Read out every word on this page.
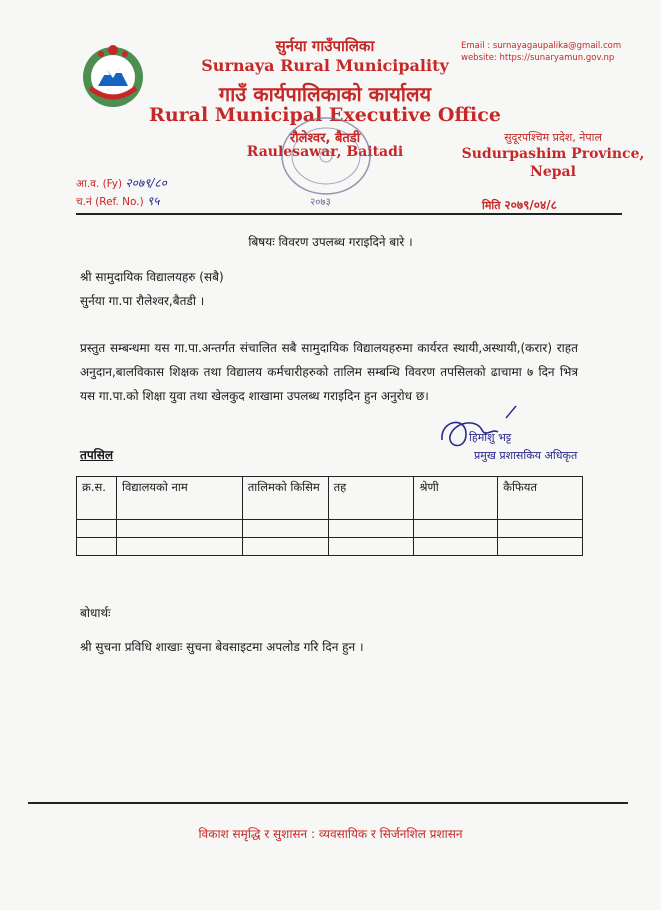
सुर्नया गाउँपालिका
Surnaya Rural Municipality
गाउँ कार्यपालिकाको कार्यालय
Rural Municipal Executive Office
रौलेश्वर, बैतडी
Raulesawar, Baitadi
Email : surnayagaupalika@gmail.com
website: https://sunaryamun.gov.np
सुदूरपश्चिम प्रदेश, नेपाल
Sudurpashim Province,
Nepal
२०७३
आ.व. (Fy) २०७९/८०
च.नं (Ref. No.) ९५	मिति २०७९/०४/८
बिषयः विवरण उपलब्ध गराइदिने बारे ।
श्री सामुदायिक विद्यालयहरु (सबै)
सुर्नया गा.पा रौलेश्वर,बैतडी ।
प्रस्तुत सम्बन्धमा यस गा.पा.अन्तर्गत संचालित सबै सामुदायिक विद्यालयहरुमा कार्यरत स्थायी,अस्थायी,(करार) राहत अनुदान,बालविकास शिक्षक तथा विद्यालय कर्मचारीहरुको तालिम सम्बन्धि विवरण तपसिलको ढाचामा ७ दिन भित्र यस गा.पा.को शिक्षा युवा तथा खेलकुद शाखामा उपलब्ध गराइदिन हुन अनुरोध छ।
हिमांशु भट्ट
प्रमुख प्रशासकिय अधिकृत
तपसिल
क्र.स.	विद्यालयको नाम	तालिमको किसिम	तह	श्रेणी	कैफियत

बोधार्थः
श्री सुचना प्रविधि शाखाः सुचना बेवसाइटमा अपलोड गरि दिन हुन ।
विकाश समृद्धि र सुशासन : व्यवसायिक र सिर्जनशिल प्रशासन
